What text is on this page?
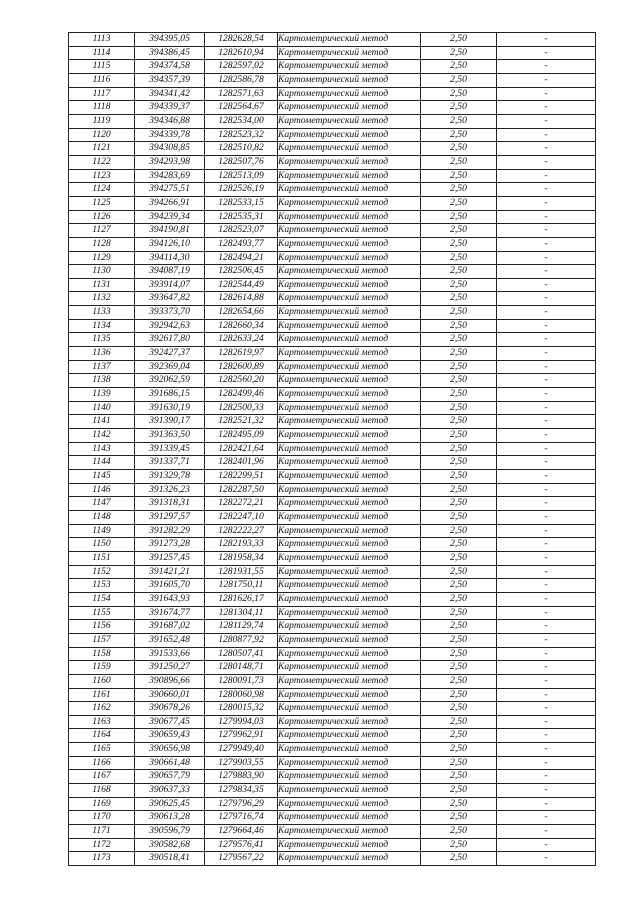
1113	394395,05	1282628,54	Картометрический метод	2,50	-
1114	394386,45	1282610,94	Картометрический метод	2,50	-
1115	394374,58	1282597,02	Картометрический метод	2,50	-
1116	394357,39	1282586,78	Картометрический метод	2,50	-
1117	394341,42	1282571,63	Картометрический метод	2,50	-
1118	394339,37	1282564,67	Картометрический метод	2,50	-
1119	394346,88	1282534,00	Картометрический метод	2,50	-
1120	394339,78	1282523,32	Картометрический метод	2,50	-
1121	394308,85	1282510,82	Картометрический метод	2,50	-
1122	394293,98	1282507,76	Картометрический метод	2,50	-
1123	394283,69	1282513,09	Картометрический метод	2,50	-
1124	394275,51	1282526,19	Картометрический метод	2,50	-
1125	394266,91	1282533,15	Картометрический метод	2,50	-
1126	394239,34	1282535,31	Картометрический метод	2,50	-
1127	394190,81	1282523,07	Картометрический метод	2,50	-
1128	394126,10	1282493,77	Картометрический метод	2,50	-
1129	394114,30	1282494,21	Картометрический метод	2,50	-
1130	394087,19	1282506,45	Картометрический метод	2,50	-
1131	393914,07	1282544,49	Картометрический метод	2,50	-
1132	393647,82	1282614,88	Картометрический метод	2,50	-
1133	393373,70	1282654,66	Картометрический метод	2,50	-
1134	392942,63	1282660,34	Картометрический метод	2,50	-
1135	392617,80	1282633,24	Картометрический метод	2,50	-
1136	392427,37	1282619,97	Картометрический метод	2,50	-
1137	392369,04	1282600,89	Картометрический метод	2,50	-
1138	392062,59	1282560,20	Картометрический метод	2,50	-
1139	391686,15	1282499,46	Картометрический метод	2,50	-
1140	391630,19	1282500,33	Картометрический метод	2,50	-
1141	391390,17	1282521,32	Картометрический метод	2,50	-
1142	391363,50	1282495,09	Картометрический метод	2,50	-
1143	391339,45	1282421,64	Картометрический метод	2,50	-
1144	391337,71	1282401,96	Картометрический метод	2,50	-
1145	391329,78	1282299,51	Картометрический метод	2,50	-
1146	391326,23	1282287,50	Картометрический метод	2,50	-
1147	391318,31	1282272,21	Картометрический метод	2,50	-
1148	391297,57	1282247,10	Картометрический метод	2,50	-
1149	391282,29	1282222,27	Картометрический метод	2,50	-
1150	391273,28	1282193,33	Картометрический метод	2,50	-
1151	391257,45	1281958,34	Картометрический метод	2,50	-
1152	391421,21	1281931,55	Картометрический метод	2,50	-
1153	391605,70	1281750,11	Картометрический метод	2,50	-
1154	391643,93	1281626,17	Картометрический метод	2,50	-
1155	391674,77	1281304,11	Картометрический метод	2,50	-
1156	391687,02	1281129,74	Картометрический метод	2,50	-
1157	391652,48	1280877,92	Картометрический метод	2,50	-
1158	391533,66	1280507,41	Картометрический метод	2,50	-
1159	391250,27	1280148,71	Картометрический метод	2,50	-
1160	390896,66	1280091,73	Картометрический метод	2,50	-
1161	390660,01	1280060,98	Картометрический метод	2,50	-
1162	390678,26	1280015,32	Картометрический метод	2,50	-
1163	390677,45	1279994,03	Картометрический метод	2,50	-
1164	390659,43	1279962,91	Картометрический метод	2,50	-
1165	390656,98	1279949,40	Картометрический метод	2,50	-
1166	390661,48	1279903,55	Картометрический метод	2,50	-
1167	390657,79	1279883,90	Картометрический метод	2,50	-
1168	390637,33	1279834,35	Картометрический метод	2,50	-
1169	390625,45	1279796,29	Картометрический метод	2,50	-
1170	390613,28	1279716,74	Картометрический метод	2,50	-
1171	390596,79	1279664,46	Картометрический метод	2,50	-
1172	390582,68	1279576,41	Картометрический метод	2,50	-
1173	390518,41	1279567,22	Картометрический метод	2,50	-
